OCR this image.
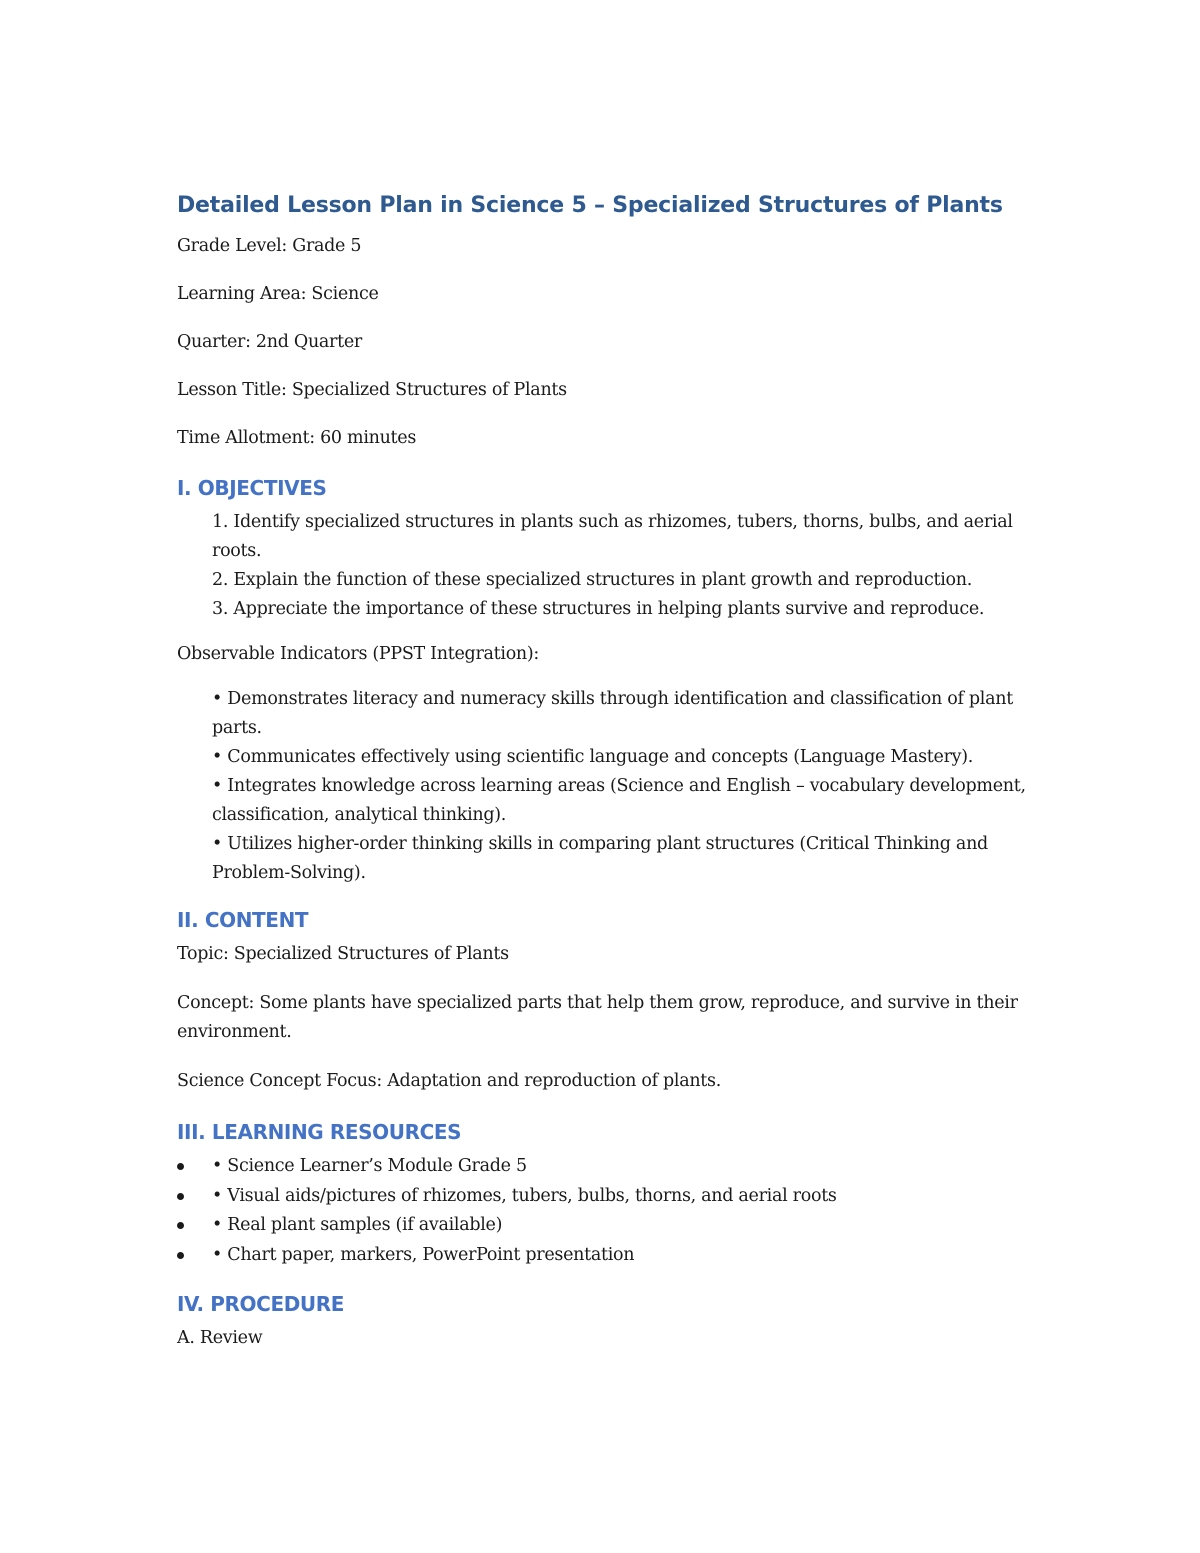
Detailed Lesson Plan in Science 5 – Specialized Structures of Plants

Grade Level: Grade 5

Learning Area: Science

Quarter: 2nd Quarter

Lesson Title: Specialized Structures of Plants

Time Allotment: 60 minutes

I. OBJECTIVES
1. Identify specialized structures in plants such as rhizomes, tubers, thorns, bulbs, and aerial roots.
2. Explain the function of these specialized structures in plant growth and reproduction.
3. Appreciate the importance of these structures in helping plants survive and reproduce.

Observable Indicators (PPST Integration):

• Demonstrates literacy and numeracy skills through identification and classification of plant parts.
• Communicates effectively using scientific language and concepts (Language Mastery).
• Integrates knowledge across learning areas (Science and English – vocabulary development, classification, analytical thinking).
• Utilizes higher-order thinking skills in comparing plant structures (Critical Thinking and Problem-Solving).
II. CONTENT

Topic: Specialized Structures of Plants

Concept: Some plants have specialized parts that help them grow, reproduce, and survive in their environment.

Science Concept Focus: Adaptation and reproduction of plants.

III. LEARNING RESOURCES
• Science Learner’s Module Grade 5
• Visual aids/pictures of rhizomes, tubers, bulbs, thorns, and aerial roots
• Real plant samples (if available)
• Chart paper, markers, PowerPoint presentation
IV. PROCEDURE

A. Review
